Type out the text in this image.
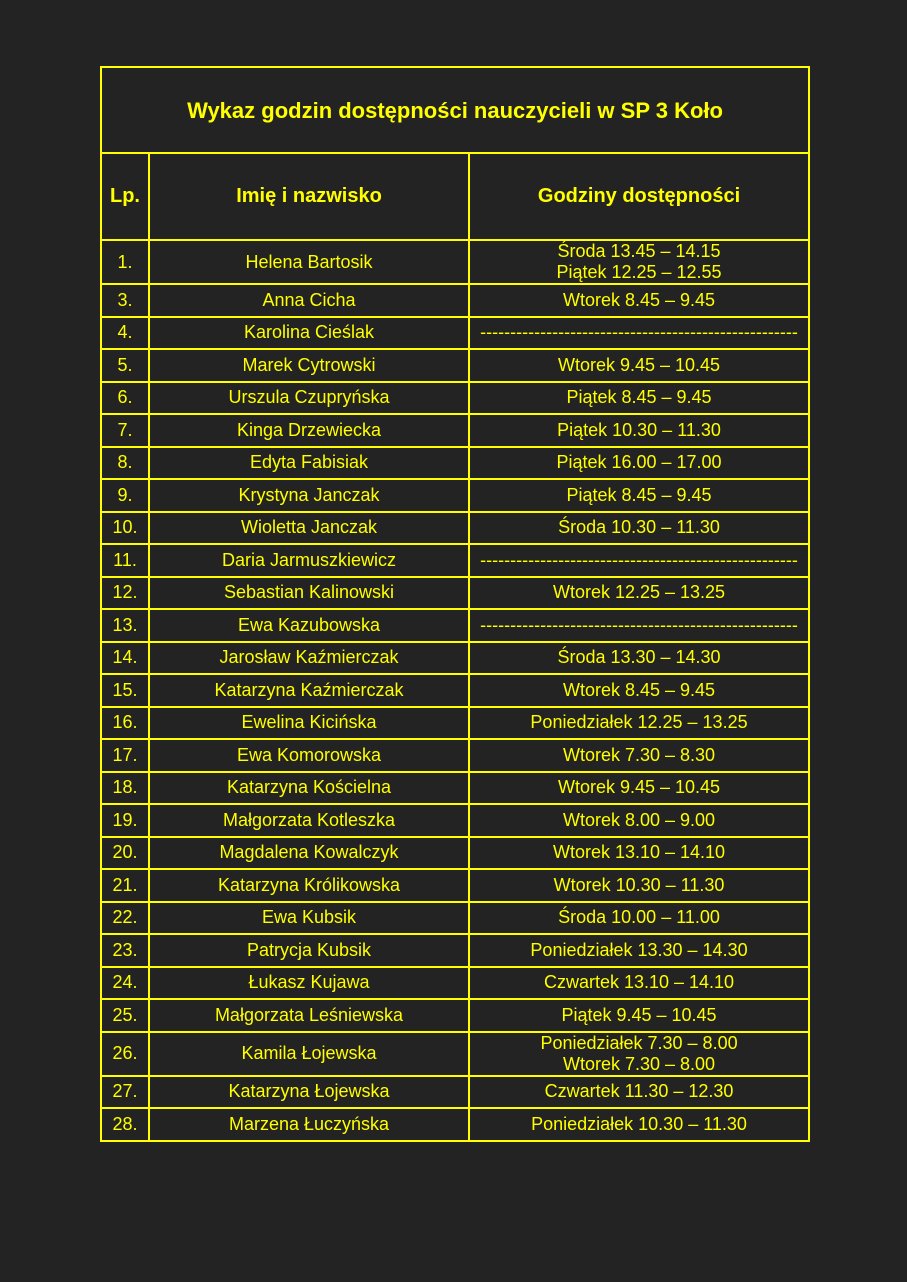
Wykaz godzin dostępności nauczycieli w SP 3 Koło		
Lp.	Imię i nazwisko	Godziny dostępności
1.	Helena Bartosik	Środa 13.45 – 14.15
Piątek 12.25 – 12.55

3.	Anna Cicha	Wtorek 8.45 – 9.45

4.	Karolina Cieślak	-----------------------------------------------------

5.	Marek Cytrowski	Wtorek 9.45 – 10.45

6.	Urszula Czupryńska	Piątek 8.45 – 9.45

7.	Kinga Drzewiecka	Piątek 10.30 – 11.30

8.	Edyta Fabisiak	Piątek 16.00 – 17.00

9.	Krystyna Janczak	Piątek 8.45 – 9.45

10.	Wioletta Janczak	Środa 10.30 – 11.30

11.	Daria Jarmuszkiewicz	-----------------------------------------------------

12.	Sebastian Kalinowski	Wtorek 12.25 – 13.25

13.	Ewa Kazubowska	-----------------------------------------------------

14.	Jarosław Kaźmierczak	Środa 13.30 – 14.30

15.	Katarzyna Kaźmierczak	Wtorek 8.45 – 9.45

16.	Ewelina Kicińska	Poniedziałek 12.25 – 13.25

17.	Ewa Komorowska	Wtorek 7.30 – 8.30

18.	Katarzyna Kościelna	Wtorek 9.45 – 10.45

19.	Małgorzata Kotleszka	Wtorek 8.00 – 9.00

20.	Magdalena Kowalczyk	Wtorek 13.10 – 14.10

21.	Katarzyna Królikowska	Wtorek 10.30 – 11.30

22.	Ewa Kubsik	Środa 10.00 – 11.00

23.	Patrycja Kubsik	Poniedziałek 13.30 – 14.30

24.	Łukasz Kujawa	Czwartek 13.10 – 14.10

25.	Małgorzata Leśniewska	Piątek 9.45 – 10.45

26.	Kamila Łojewska	Poniedziałek 7.30 – 8.00
Wtorek 7.30 – 8.00

27.	Katarzyna Łojewska	Czwartek 11.30 – 12.30

28.	Marzena Łuczyńska	Poniedziałek 10.30 – 11.30
